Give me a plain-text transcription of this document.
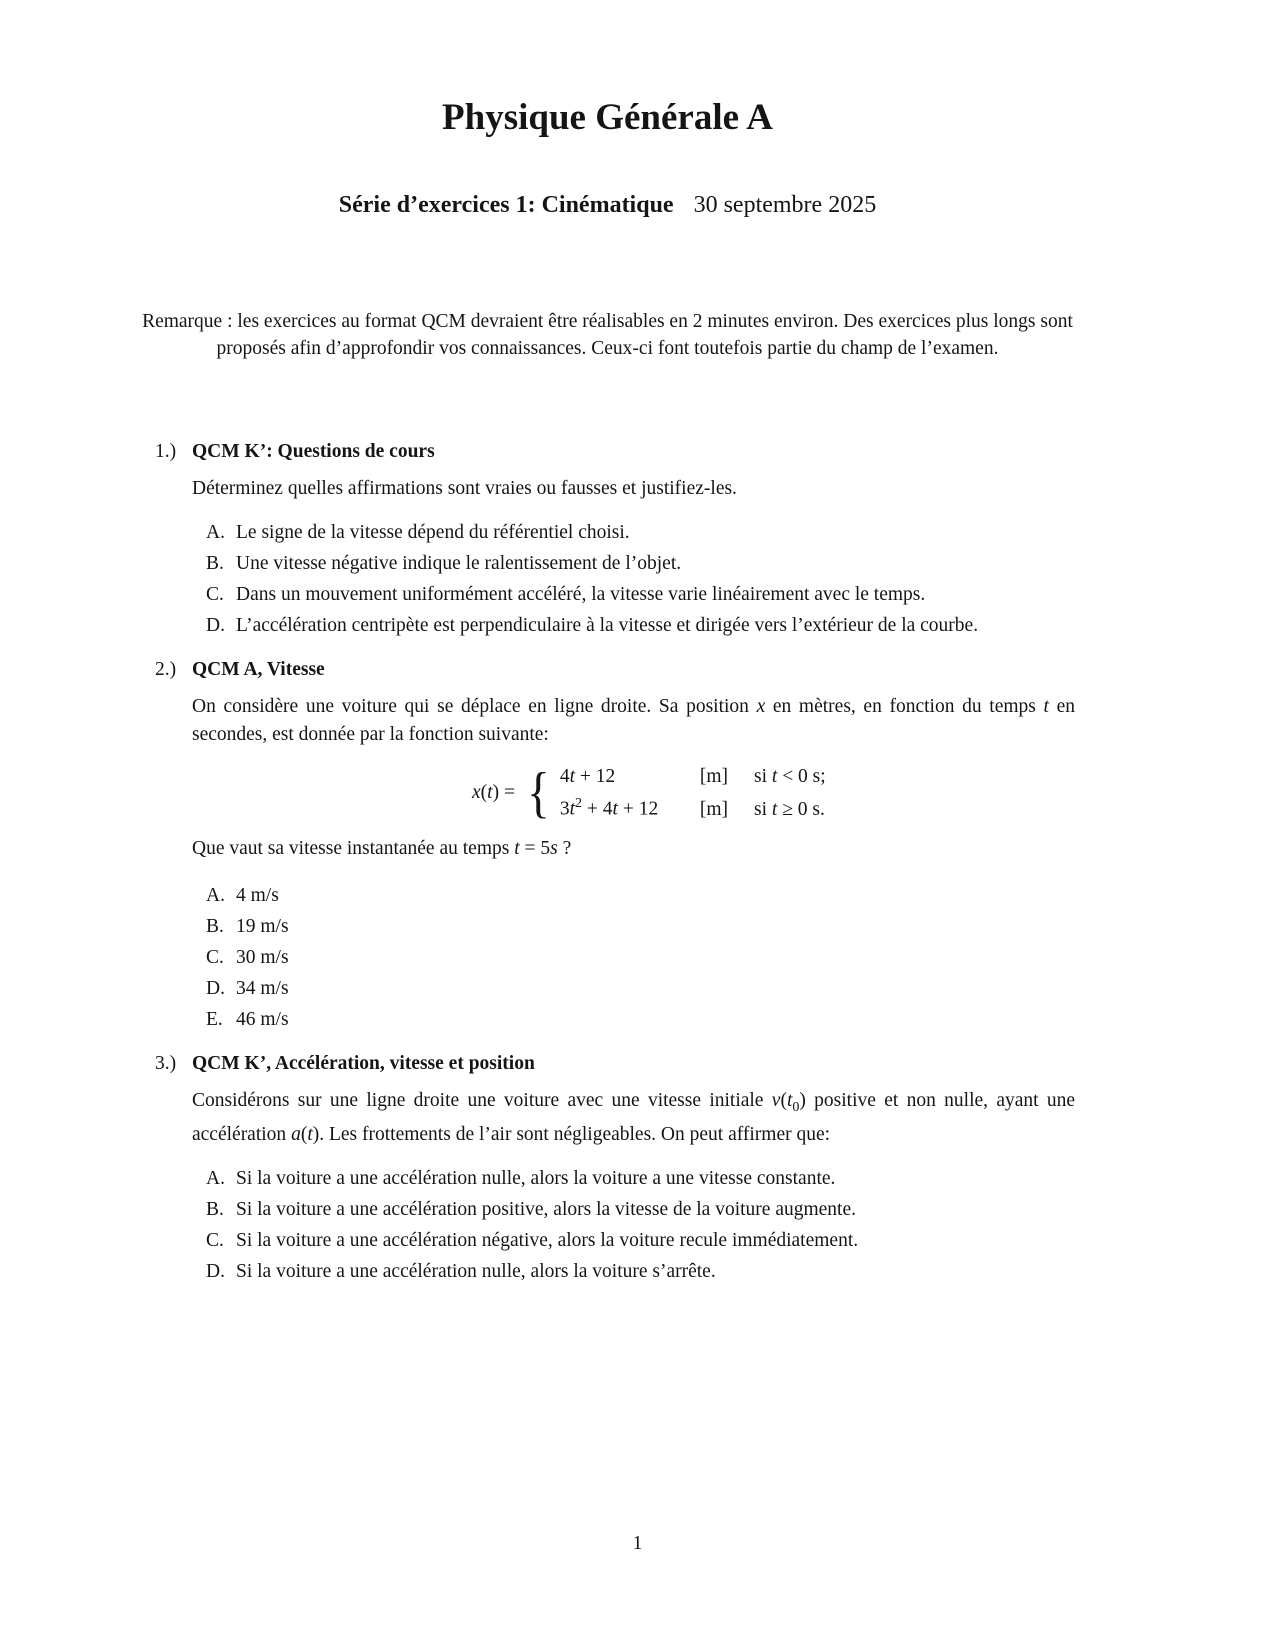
Physique Générale A
Série d’exercices 1: Cinématique 30 septembre 2025

Remarque : les exercices au format QCM devraient être réalisables en 2 minutes environ. Des exercices plus longs sont proposés afin d’approfondir vos connaissances. Ceux-ci font toutefois partie du champ de l’examen.

1.) QCM K’: Questions de cours

Déterminez quelles affirmations sont vraies ou fausses et justifiez-les.

A. Le signe de la vitesse dépend du référentiel choisi.
B. Une vitesse négative indique le ralentissement de l’objet.
C. Dans un mouvement uniformément accéléré, la vitesse varie linéairement avec le temps.
D. L’accélération centripète est perpendiculaire à la vitesse et dirigée vers l’extérieur de la courbe.
2.) QCM A, Vitesse

On considère une voiture qui se déplace en ligne droite. Sa position x en mètres, en fonction du temps t en secondes, est donnée par la fonction suivante:

x(t) = { 4t + 12	[m]	si t < 0 s;
$3t^2 + 4t + 12$	[m]	si t ≥ 0 s.

Que vaut sa vitesse instantanée au temps t = 5s ?

A. 4 m/s
B. 19 m/s
C. 30 m/s
D. 34 m/s
E. 46 m/s
3.) QCM K’, Accélération, vitesse et position

Considérons sur une ligne droite une voiture avec une vitesse initiale $v(t_0)$ positive et non nulle, ayant une accélération a(t). Les frottements de l’air sont négligeables. On peut affirmer que:

A. Si la voiture a une accélération nulle, alors la voiture a une vitesse constante.
B. Si la voiture a une accélération positive, alors la vitesse de la voiture augmente.
C. Si la voiture a une accélération négative, alors la voiture recule immédiatement.
D. Si la voiture a une accélération nulle, alors la voiture s’arrête.
1
